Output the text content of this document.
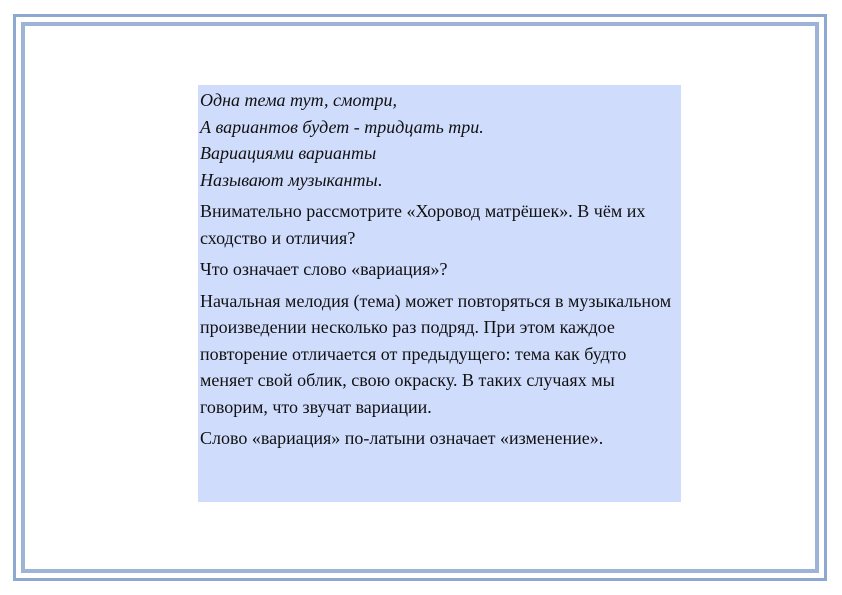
Одна тема тут, смотри,
А вариантов будет - тридцать три.
Вариациями варианты
Называют музыканты.

Внимательно рассмотрите «Хоровод матрёшек». В чём их сходство и отличия?

Что означает слово «вариация»?

Начальная мелодия (тема) может повторяться в музыкальном произведении несколько раз подряд. При этом каждое повторение отличается от предыдущего: тема как будто меняет свой облик, свою окраску. В таких случаях мы говорим, что звучат вариации.

Слово «вариация» по-латыни означает «изменение».
